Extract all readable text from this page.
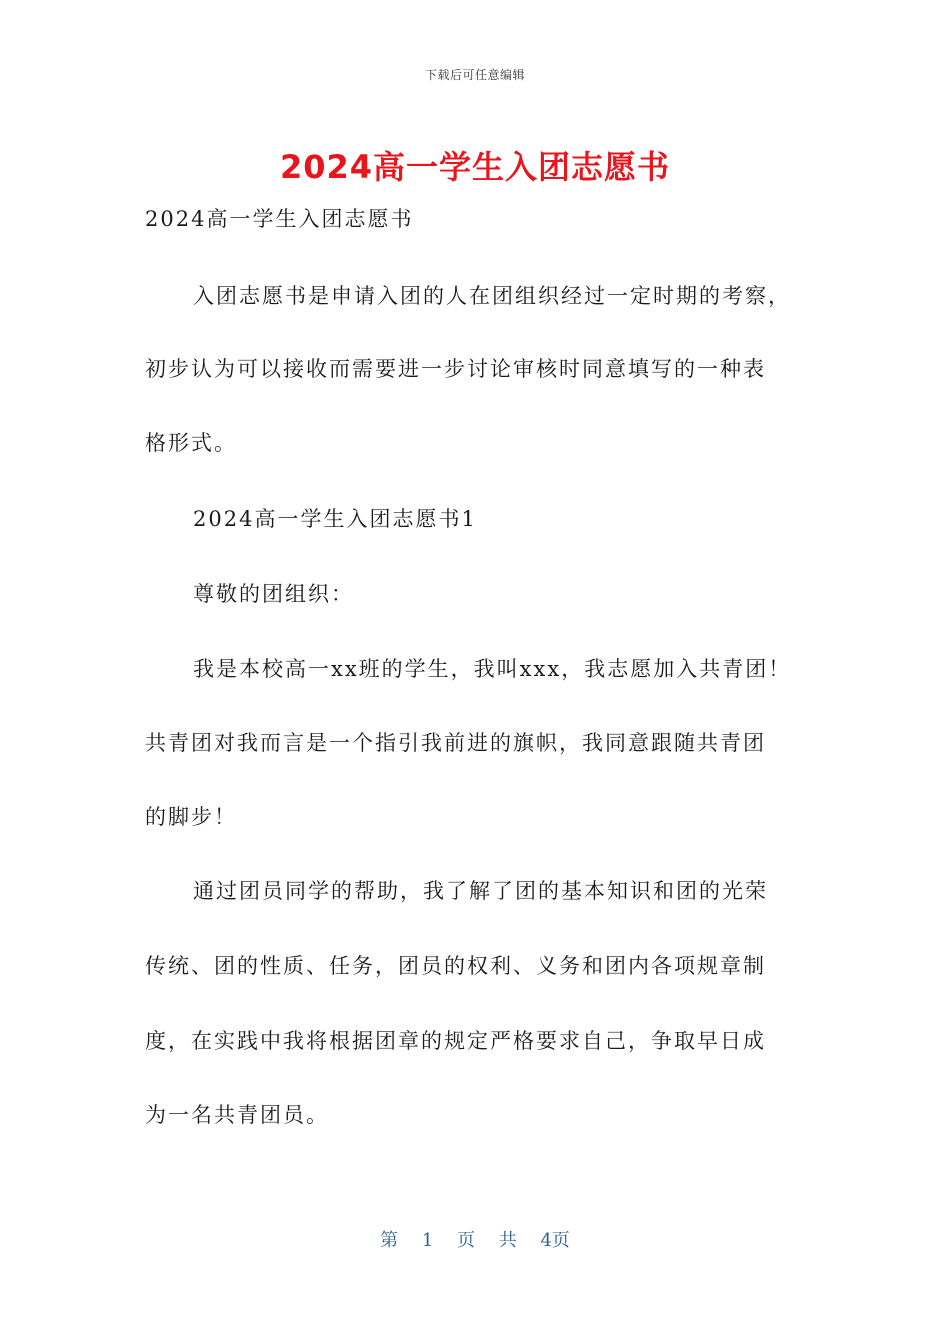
下载后可任意编辑
2024高一学生入团志愿书
2024高一学生入团志愿书
入团志愿书是申请入团的人在团组织经过一定时期的考察，
初步认为可以接收而需要进一步讨论审核时同意填写的一种表
格形式。
2024高一学生入团志愿书1
尊敬的团组织：
我是本校高一xx班的学生，我叫xxx，我志愿加入共青团！
共青团对我而言是一个指引我前进的旗帜，我同意跟随共青团
的脚步！
通过团员同学的帮助，我了解了团的基本知识和团的光荣
传统、团的性质、任务，团员的权利、义务和团内各项规章制
度，在实践中我将根据团章的规定严格要求自己，争取早日成
为一名共青团员。
第 1 页 共 4页
